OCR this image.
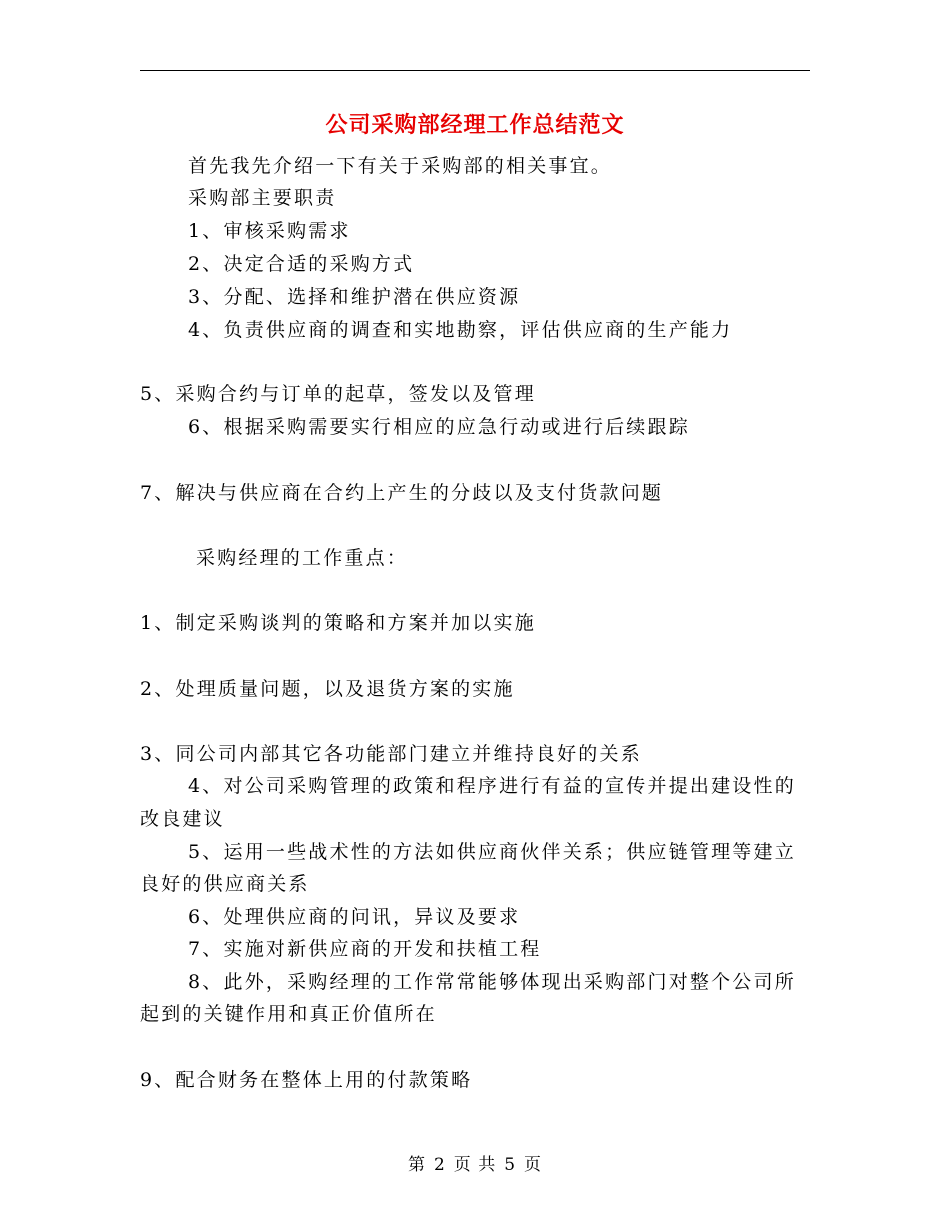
公司采购部经理工作总结范文
首先我先介绍一下有关于采购部的相关事宜。
采购部主要职责
1、审核采购需求
2、决定合适的采购方式
3、分配、选择和维护潜在供应资源
4、负责供应商的调查和实地勘察，评估供应商的生产能力
5、采购合约与订单的起草，签发以及管理
6、根据采购需要实行相应的应急行动或进行后续跟踪
7、解决与供应商在合约上产生的分歧以及支付货款问题
采购经理的工作重点：
1、制定采购谈判的策略和方案并加以实施
2、处理质量问题，以及退货方案的实施
3、同公司内部其它各功能部门建立并维持良好的关系
4、对公司采购管理的政策和程序进行有益的宣传并提出建设性的
改良建议
5、运用一些战术性的方法如供应商伙伴关系；供应链管理等建立
良好的供应商关系
6、处理供应商的问讯，异议及要求
7、实施对新供应商的开发和扶植工程
8、此外，采购经理的工作常常能够体现出采购部门对整个公司所
起到的关键作用和真正价值所在
9、配合财务在整体上用的付款策略
第 2 页 共 5 页
